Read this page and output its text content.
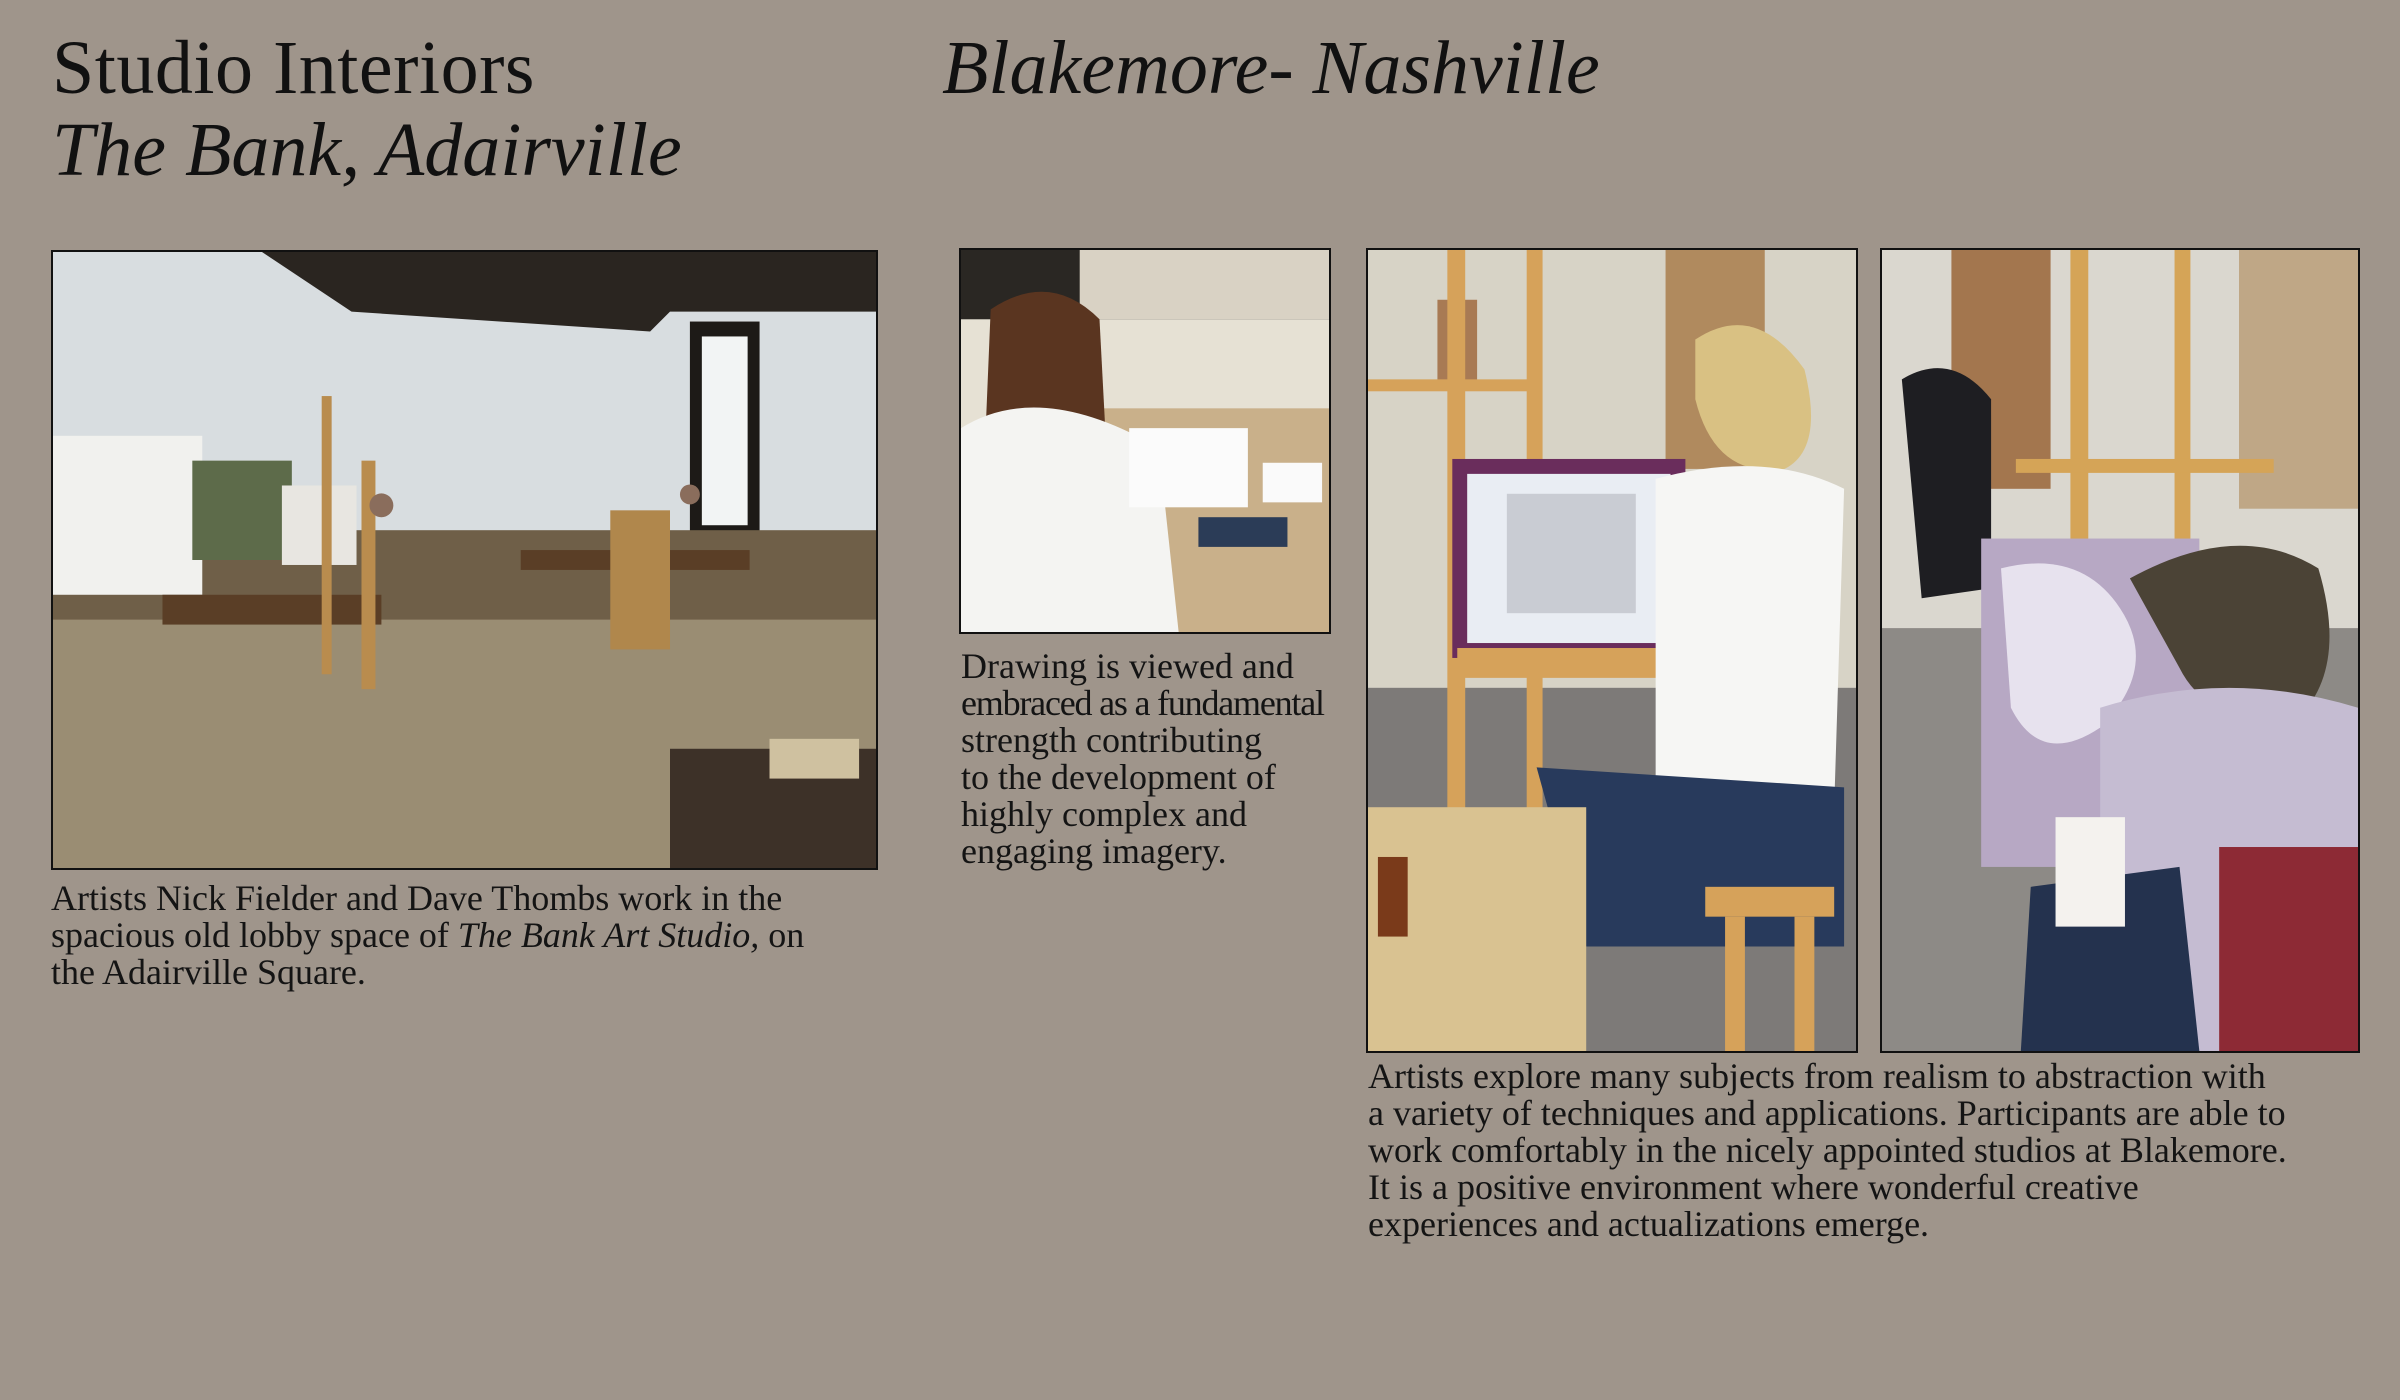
Studio Interiors
The Bank, Adairville
Blakemore- Nashville
Artists Nick Fielder and Dave Thombs work in the
spacious old lobby space of The Bank Art Studio, on
the Adairville Square.
Drawing is viewed and
embraced as a fundamental
strength contributing
to the development of
highly complex and
engaging imagery.
Artists explore many subjects from realism to abstraction with
a variety of techniques and applications. Participants are able to
work comfortably in the nicely appointed studios at Blakemore.
It is a positive environment where wonderful creative
experiences and actualizations emerge.
